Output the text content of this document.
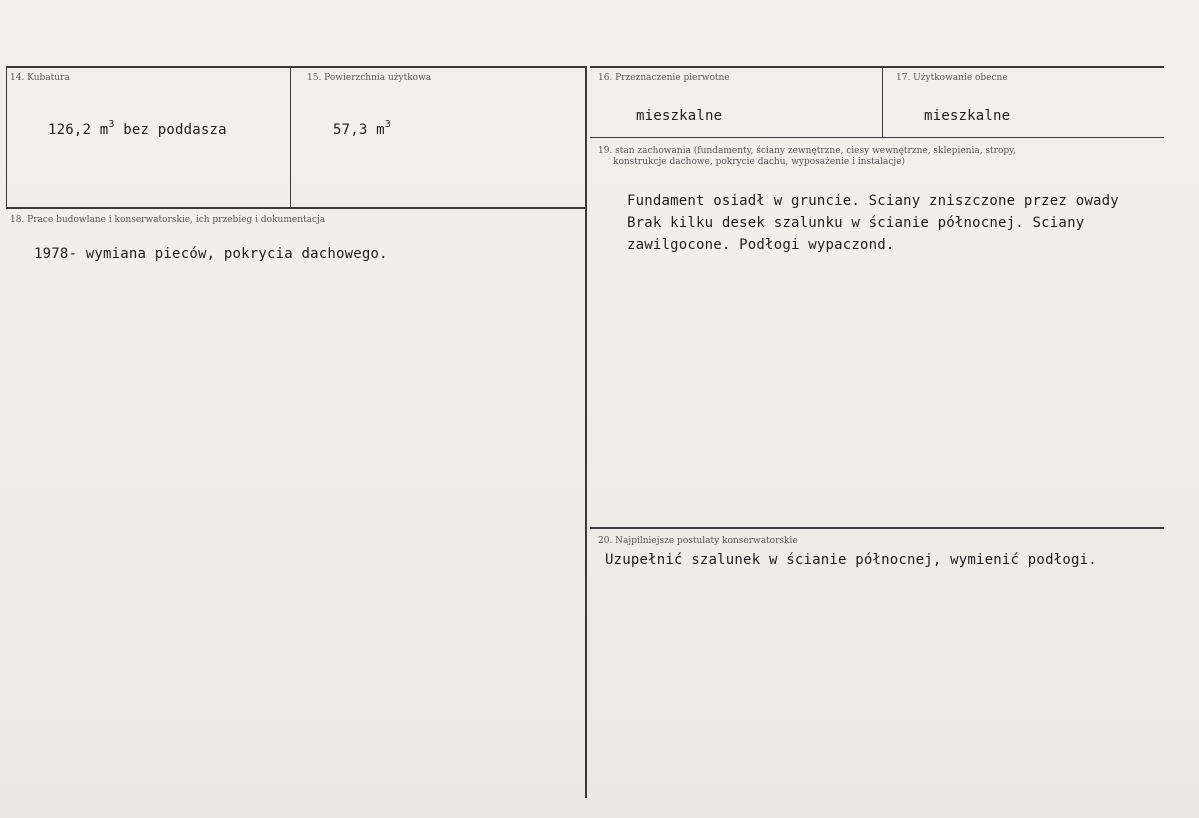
14. Kubatura
126,2 $m^3$ bez poddasza
15. Powierzchnia użytkowa
57,3 $m^3$
16. Przeznaczenie pierwotne
mieszkalne
17. Użytkowanie obecne
mieszkalne
18. Prace budowlane i konserwatorskie, ich przebieg i dokumentacja
1978- wymiana pieców, pokrycia dachowego.
19. stan zachowania (fundamenty, ściany zewnętrzne, ciesy wewnętrzne, sklepienia, stropy,
konstrukcje dachowe, pokrycie dachu, wyposażenie i instalacje)
Fundament osiadł w gruncie. Sciany zniszczone przez owady
Brak kilku desek szalunku w ścianie północnej. Sciany
zawilgocone. Podłogi wypaczond.
20. Najpilniejsze postulaty konserwatorskie
Uzupełnić szalunek w ścianie północnej, wymienić podłogi.
